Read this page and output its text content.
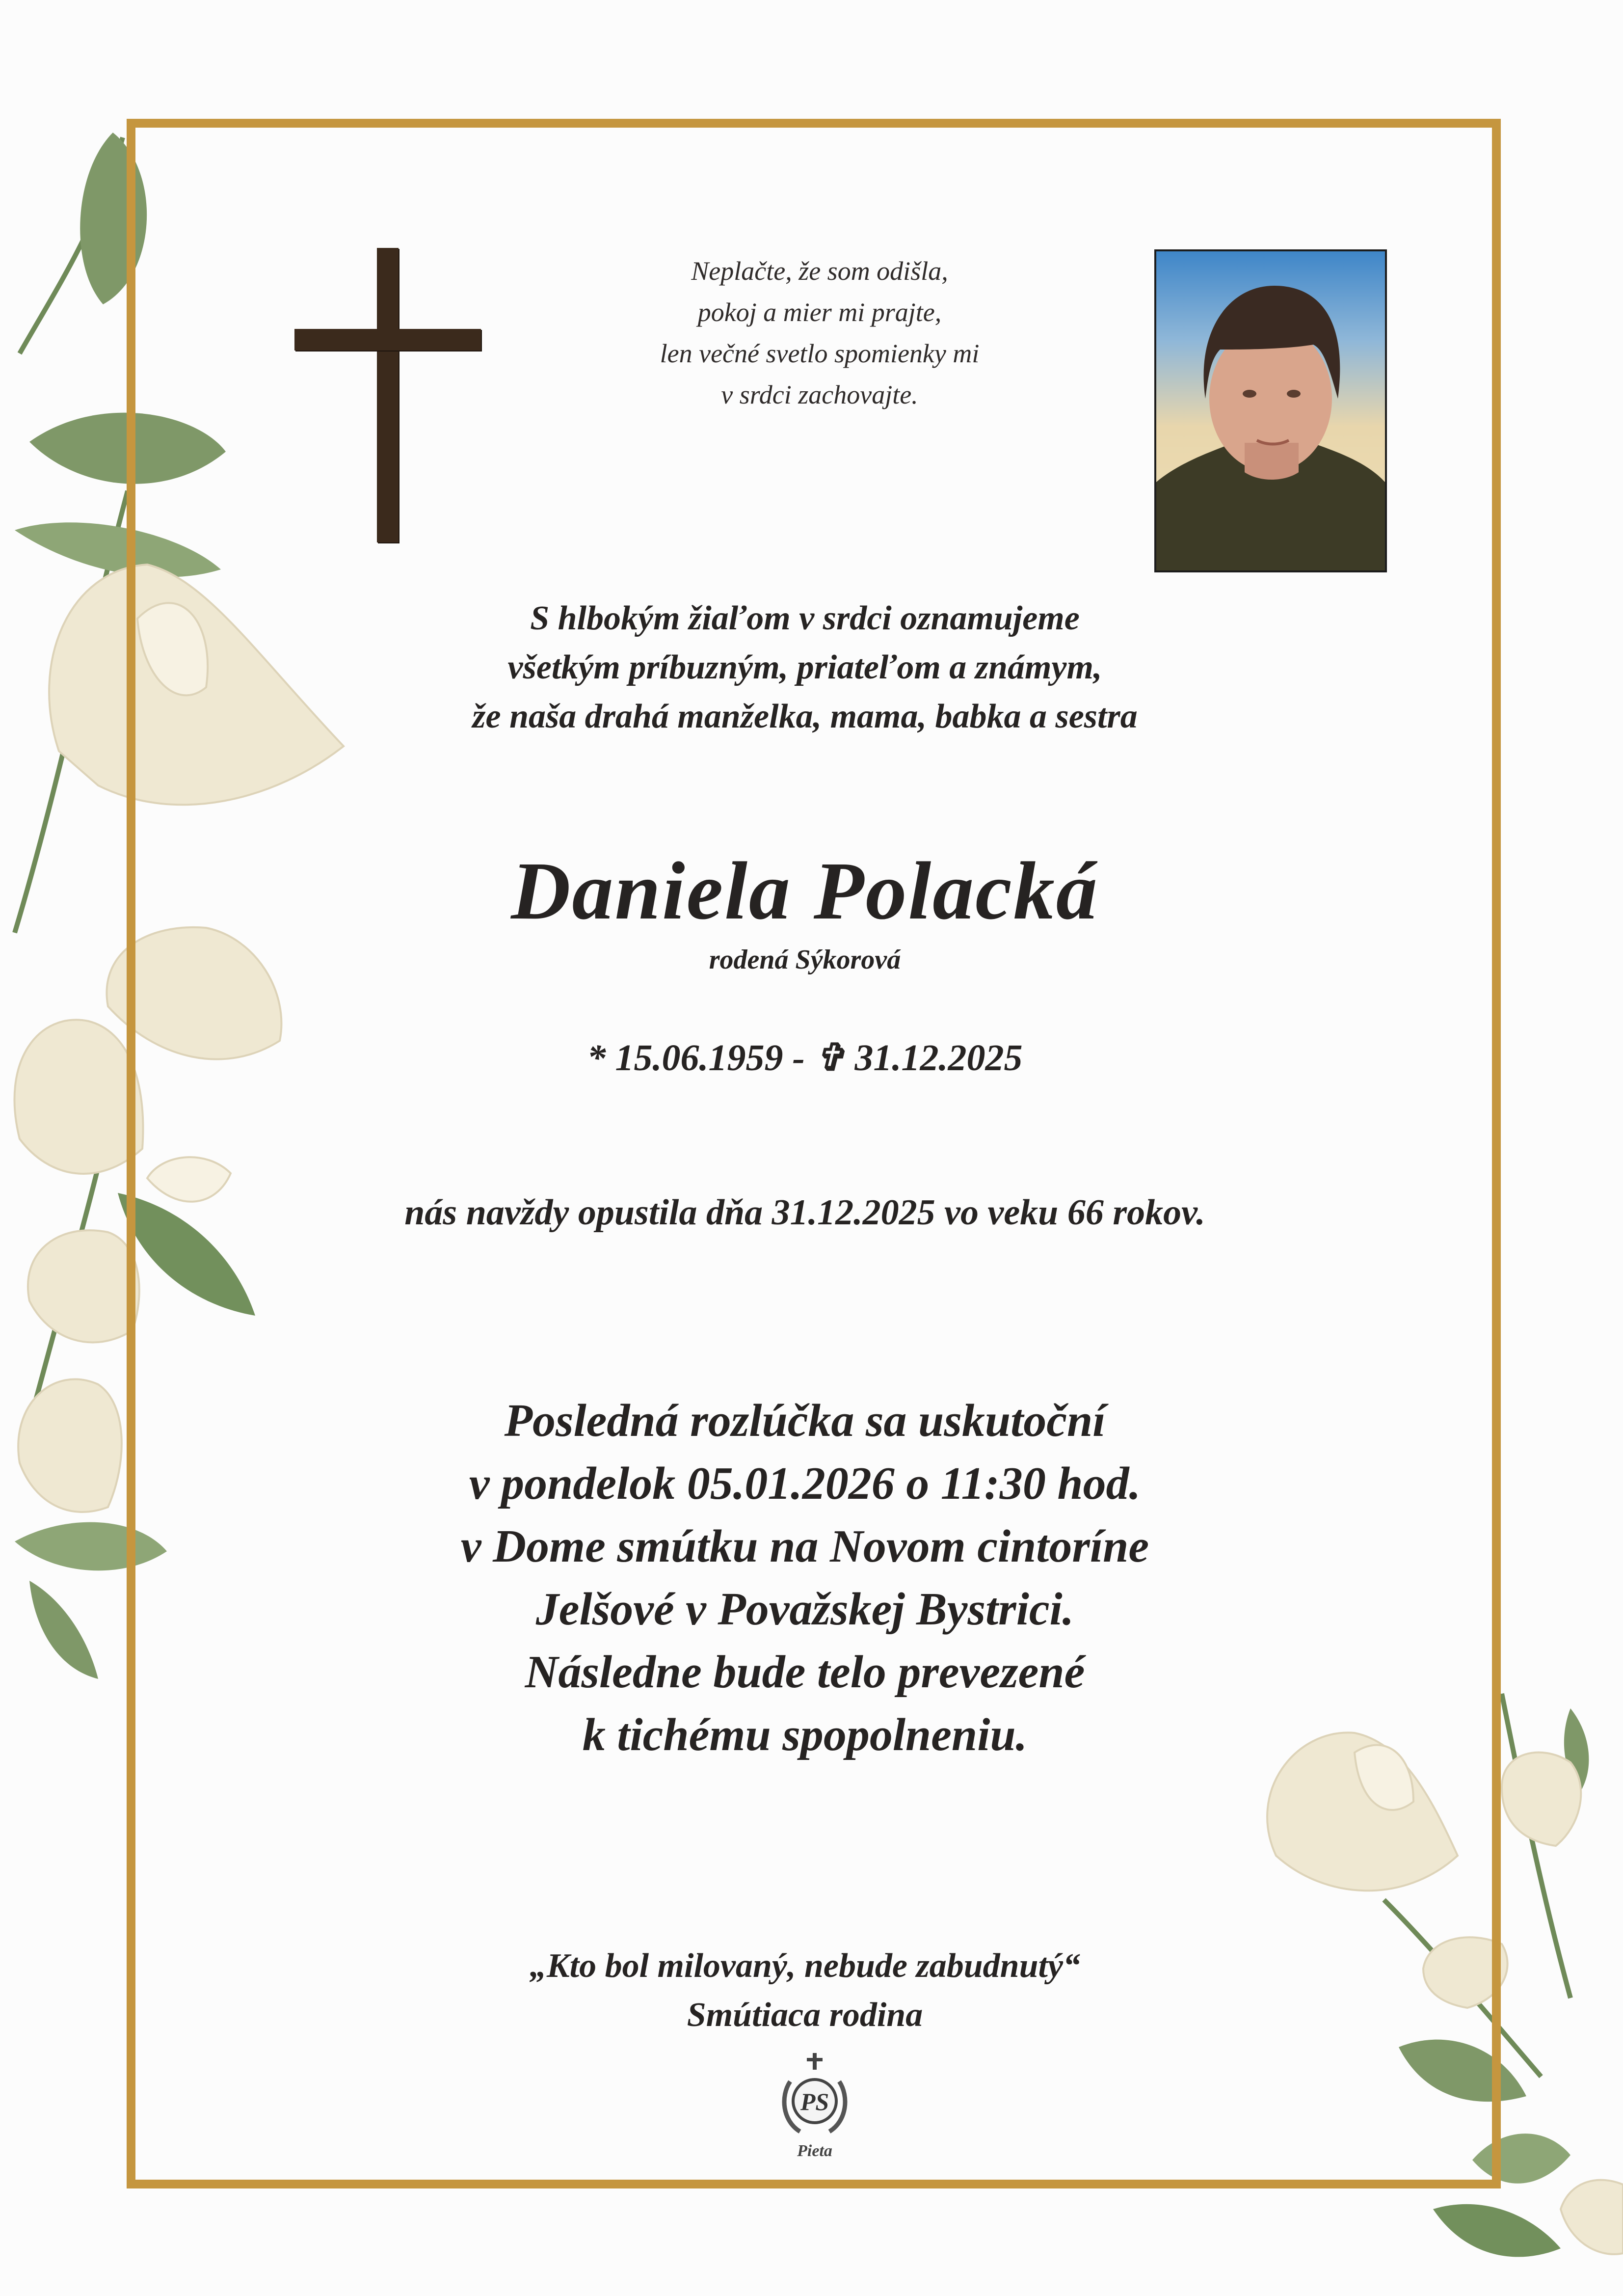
Neplačte, že som odišla,
pokoj a mier mi prajte,
len večné svetlo spomienky mi
v srdci zachovajte.
S hlbokým žiaľom v srdci oznamujeme
všetkým príbuzným, priateľom a známym,
že naša drahá manželka, mama, babka a sestra
Daniela Polacká
rodená Sýkorová
* 15.06.1959 - ✞ 31.12.2025
nás navždy opustila dňa 31.12.2025 vo veku 66 rokov.
Posledná rozlúčka sa uskutoční
v pondelok 05.01.2026 o 11:30 hod.
v Dome smútku na Novom cintoríne
Jelšové v Považskej Bystrici.
Následne bude telo prevezené
k tichému spopolneniu.
„Kto bol milovaný, nebude zabudnutý“
Smútiaca rodina
PS
Pieta
